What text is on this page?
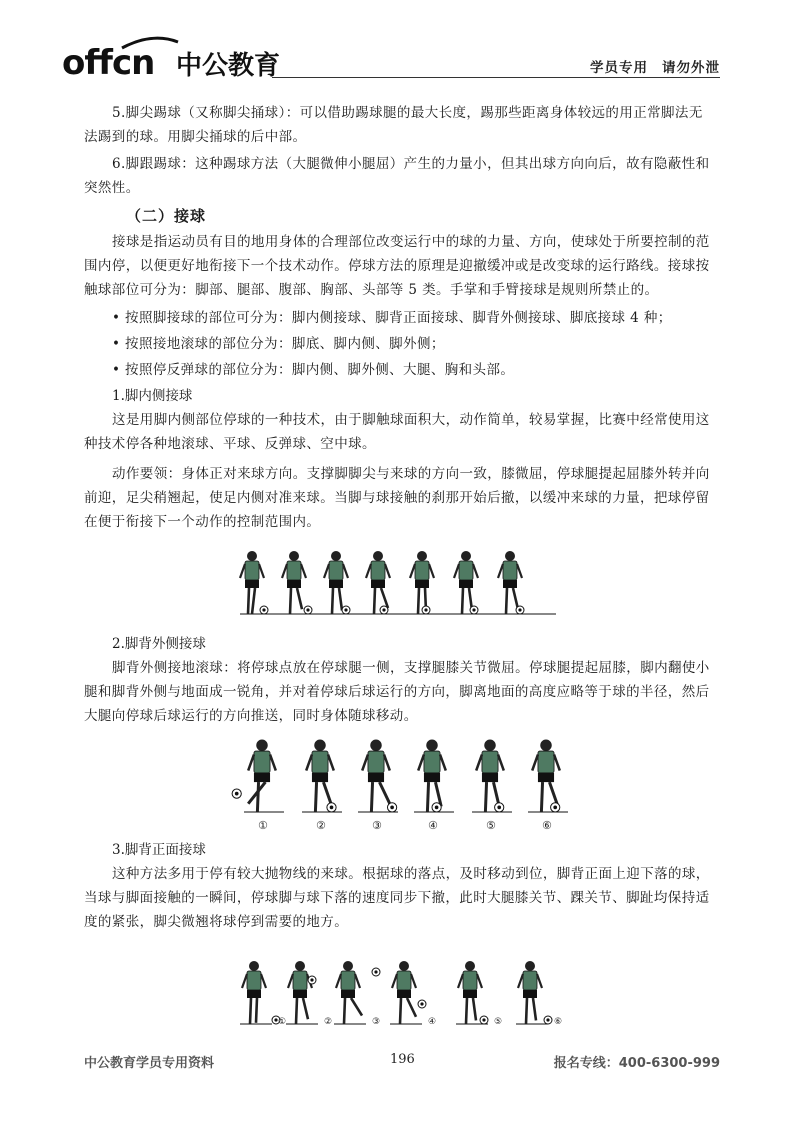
offcn 中公教育	学员专用 请勿外泄
5.脚尖踢球（又称脚尖捅球）：可以借助踢球腿的最大长度，踢那些距离身体较远的用正常脚法无
法踢到的球。用脚尖捅球的后中部。
6.脚跟踢球：这种踢球方法（大腿微伸小腿屈）产生的力量小，但其出球方向向后，故有隐蔽性和
突然性。
（二）接球
接球是指运动员有目的地用身体的合理部位改变运行中的球的力量、方向，使球处于所要控制的范
围内停，以便更好地衔接下一个技术动作。停球方法的原理是迎撤缓冲或是改变球的运行路线。接球按
触球部位可分为：脚部、腿部、腹部、胸部、头部等 5 类。手掌和手臂接球是规则所禁止的。
• 按照脚接球的部位可分为：脚内侧接球、脚背正面接球、脚背外侧接球、脚底接球 4 种；
• 按照接地滚球的部位分为：脚底、脚内侧、脚外侧；
• 按照停反弹球的部位分为：脚内侧、脚外侧、大腿、胸和头部。
1.脚内侧接球
这是用脚内侧部位停球的一种技术，由于脚触球面积大，动作简单，较易掌握，比赛中经常使用这
种技术停各种地滚球、平球、反弹球、空中球。
动作要领：身体正对来球方向。支撑脚脚尖与来球的方向一致，膝微屈，停球腿提起屈膝外转并向
前迎，足尖稍翘起，使足内侧对准来球。当脚与球接触的刹那开始后撤，以缓冲来球的力量，把球停留
在便于衔接下一个动作的控制范围内。
2.脚背外侧接球
脚背外侧接地滚球：将停球点放在停球腿一侧，支撑腿膝关节微屈。停球腿提起屈膝，脚内翻使小
腿和脚背外侧与地面成一锐角，并对着停球后球运行的方向，脚离地面的高度应略等于球的半径，然后
大腿向停球后球运行的方向推送，同时身体随球移动。
①	②	③	④	⑤	⑥
3.脚背正面接球
这种方法多用于停有较大抛物线的来球。根据球的落点，及时移动到位，脚背正面上迎下落的球，
当球与脚面接触的一瞬间，停球脚与球下落的速度同步下撤，此时大腿膝关节、踝关节、脚趾均保持适
度的紧张，脚尖微翘将球停到需要的地方。
①	②	③	④	⑤	⑥
中公教育学员专用资料	196	报名专线：400-6300-999
